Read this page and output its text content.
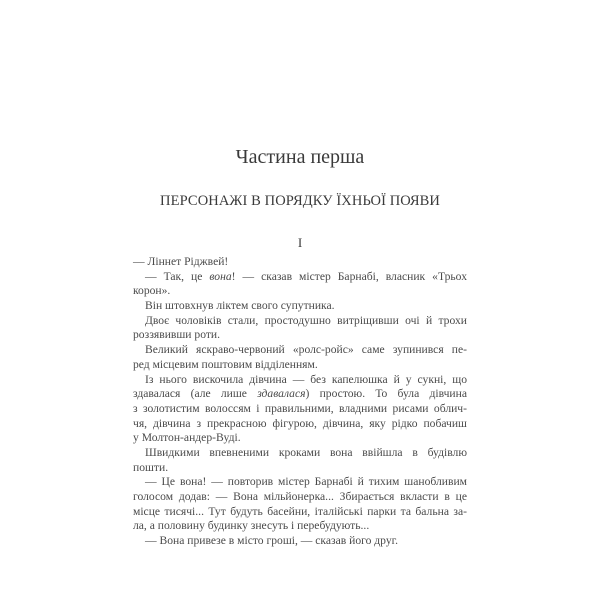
Частина перша
ПЕРСОНАЖІ В ПОРЯДКУ ЇХНЬОЇ ПОЯВИ
I
— Ліннет Ріджвей!
— Так, це вона! — сказав містер Барнабі, власник «Трьох
корон».
Він штовхнув ліктем свого супутника.
Двоє чоловіків стали, простодушно витріщивши очі й трохи
роззявивши роти.
Великий яскраво-червоний «ролс-ройс» саме зупинився пе-
ред місцевим поштовим відділенням.
Із нього вискочила дівчина — без капелюшка й у сукні, що
здавалася (але лише здавалася) простою. То була дівчина
з золотистим волоссям і правильними, владними рисами облич-
чя, дівчина з прекрасною фігурою, дівчина, яку рідко побачиш
у Молтон-андер-Вуді.
Швидкими впевненими кроками вона ввійшла в будівлю
пошти.
— Це вона! — повторив містер Барнабі й тихим шанобливим
голосом додав: — Вона мільйонерка... Збирається вкласти в це
місце тисячі... Тут будуть басейни, італійські парки та бальна за-
ла, а половину будинку знесуть і перебудують...
— Вона привезе в місто гроші, — сказав його друг.
